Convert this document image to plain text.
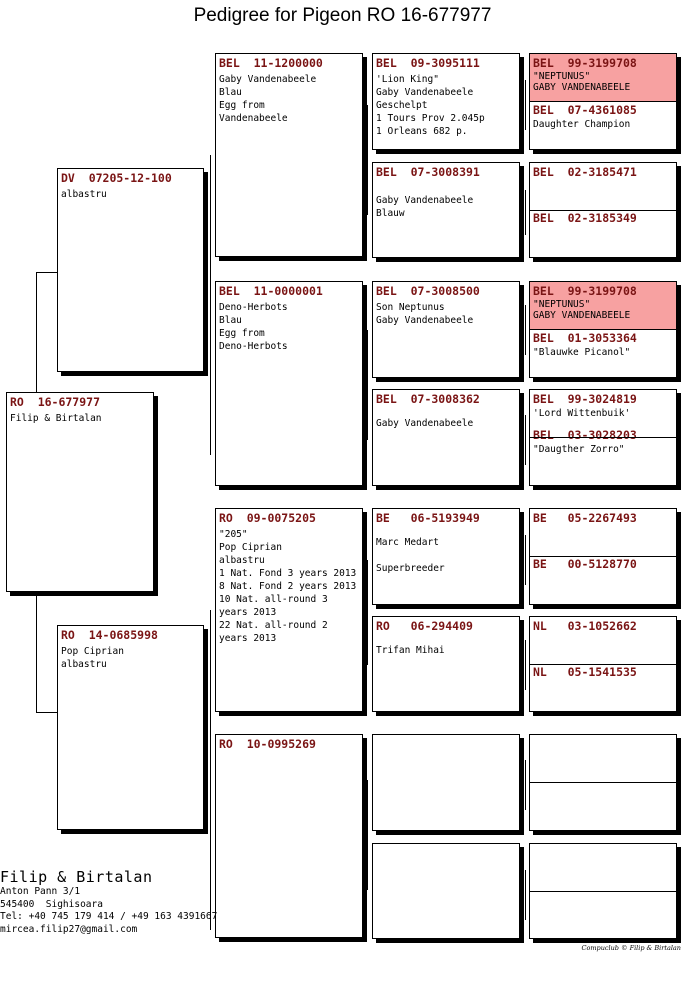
Pedigree for Pigeon RO 16-677977
RO  16-677977
Filip & Birtalan
DV  07205-12-100
albastru
RO  14-0685998
Pop Ciprian
albastru
BEL  11-1200000
Gaby Vandenabeele
Blau
Egg from
Vandenabeele
BEL  11-0000001
Deno-Herbots
Blau
Egg from
Deno-Herbots
RO  09-0075205
"205"
Pop Ciprian
albastru
1 Nat. Fond 3 years 2013
8 Nat. Fond 2 years 2013
10 Nat. all-round 3 years 2013
22 Nat. all-round 2 years 2013
RO  10-0995269
BEL  09-3095111
'Lion King"
Gaby Vandenabeele
Geschelpt
1 Tours Prov 2.045p
1 Orleans 682 p.
BEL  07-3008391
Gaby Vandenabeele
Blauw
BEL  07-3008500
Son Neptunus
Gaby Vandenabeele
BEL  07-3008362
Gaby Vandenabeele
BE   06-5193949
Marc Medart

Superbreeder
RO   06-294409
Trifan Mihai
BEL  99-3199708
"NEPTUNUS"
GABY VANDENABEELE
BEL  07-4361085
Daughter Champion
BEL  02-3185471
BEL  02-3185349
BEL  99-3199708
"NEPTUNUS"
GABY VANDENABEELE
BEL  01-3053364
"Blauwke Picanol"
BEL  99-3024819
'Lord Wittenbuik'
BEL  03-3028203
"Daugther Zorro"
BE   05-2267493
BE   00-5128770
NL   03-1052662
NL   05-1541535
Filip & Birtalan
Anton Pann 3/1
545400  Sighisoara
Tel: +40 745 179 414 / +49 163 4391667
mircea.filip27@gmail.com
Compuclub © Filip & Birtalan
